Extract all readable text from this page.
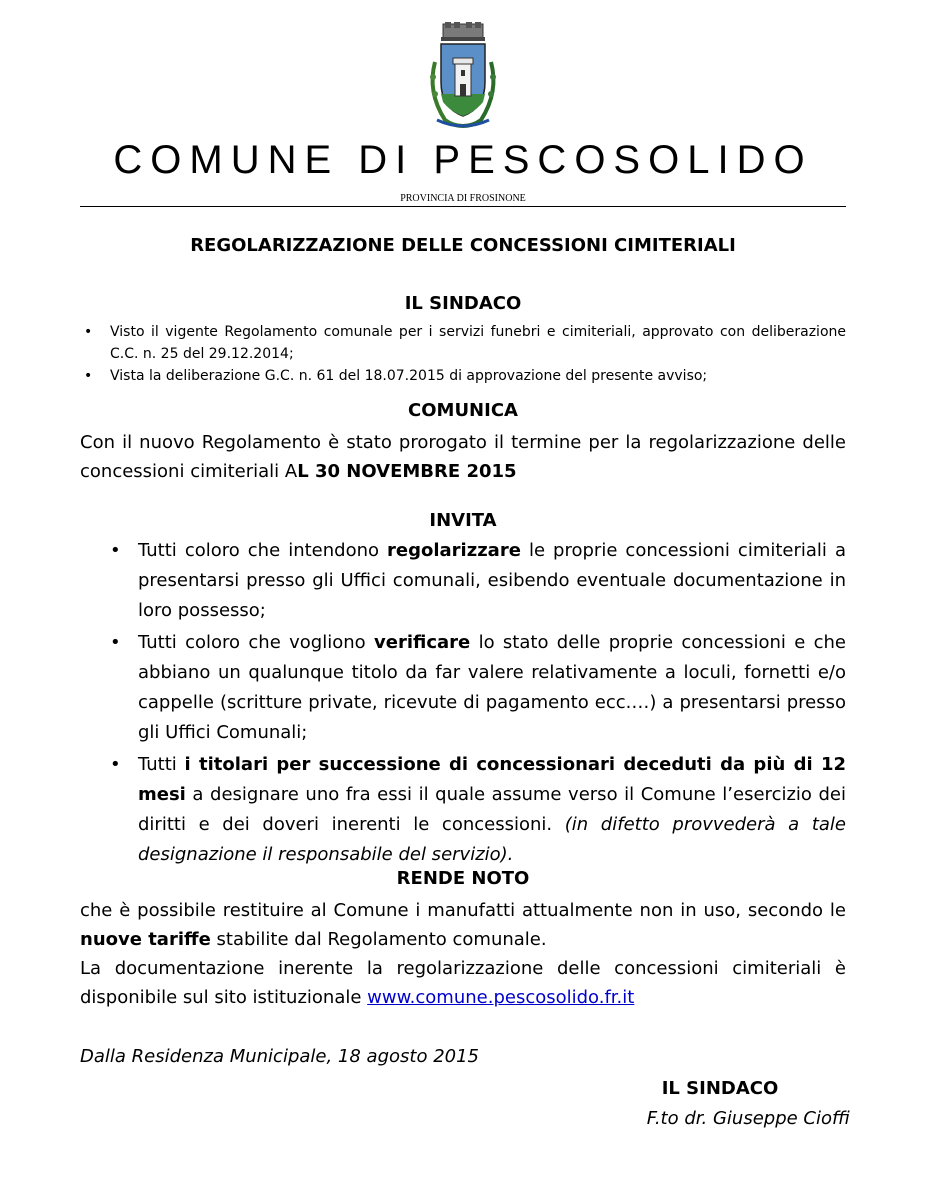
COMUNE DI PESCOSOLIDO
PROVINCIA DI FROSINONE
REGOLARIZZAZIONE DELLE CONCESSIONI CIMITERIALI
IL SINDACO
• Visto il vigente Regolamento comunale per i servizi funebri e cimiteriali, approvato con deliberazione C.C. n. 25 del 29.12.2014;
• Vista la deliberazione G.C. n. 61 del 18.07.2015 di approvazione del presente avviso;
COMUNICA
Con il nuovo Regolamento è stato prorogato il termine per la regolarizzazione delle concessioni cimiteriali AL 30 NOVEMBRE 2015
INVITA
• Tutti coloro che intendono regolarizzare le proprie concessioni cimiteriali a presentarsi presso gli Uffici comunali, esibendo eventuale documentazione in loro possesso;
• Tutti coloro che vogliono verificare lo stato delle proprie concessioni e che abbiano un qualunque titolo da far valere relativamente a loculi, fornetti e/o cappelle (scritture private, ricevute di pagamento ecc.…) a presentarsi presso gli Uffici Comunali;
• Tutti i titolari per successione di concessionari deceduti da più di 12 mesi a designare uno fra essi il quale assume verso il Comune l’esercizio dei diritti e dei doveri inerenti le concessioni. (in difetto provvederà a tale designazione il responsabile del servizio).
RENDE NOTO
che è possibile restituire al Comune i manufatti attualmente non in uso, secondo le nuove tariffe stabilite dal Regolamento comunale.
La documentazione inerente la regolarizzazione delle concessioni cimiteriali è disponibile sul sito istituzionale www.comune.pescosolido.fr.it
Dalla Residenza Municipale, 18 agosto 2015
IL SINDACO
F.to dr. Giuseppe Cioffi
